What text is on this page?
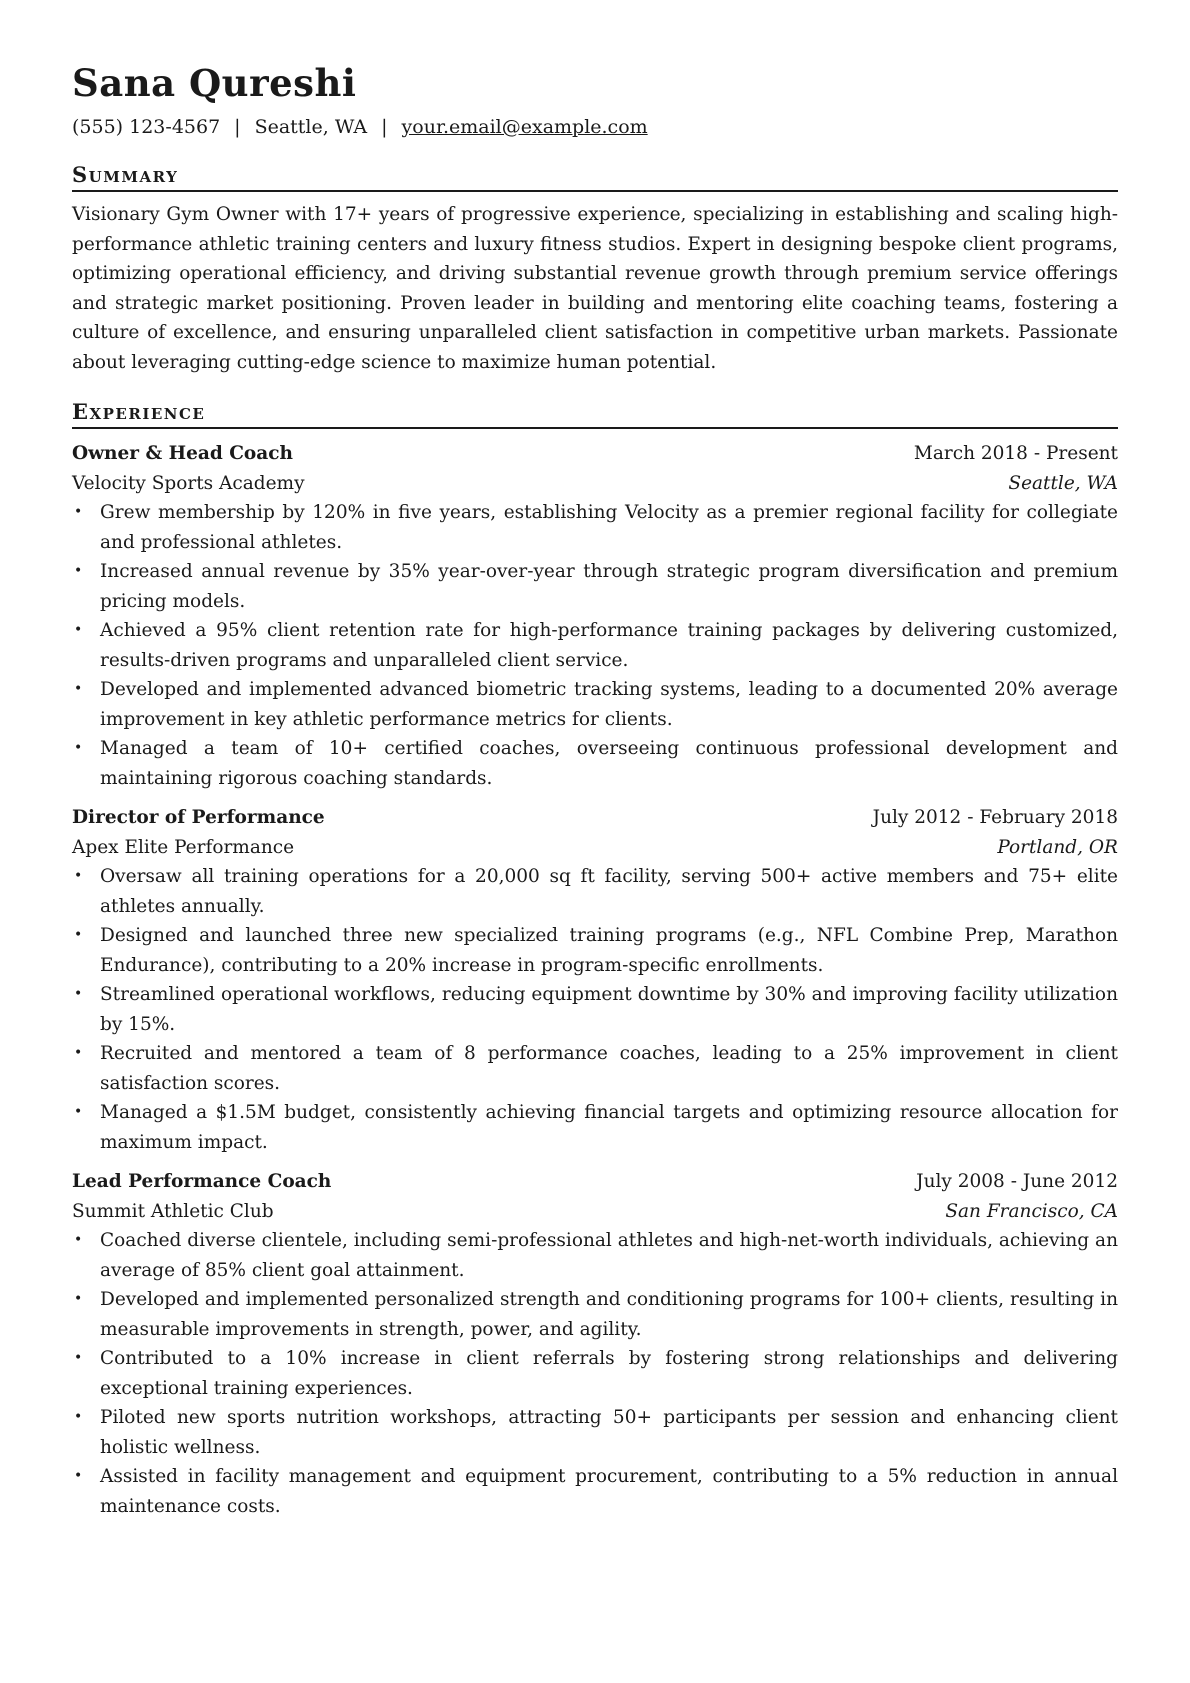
Sana Qureshi
(555) 123-4567 | Seattle, WA | your.email@example.com
Summary
Visionary Gym Owner with 17+ years of progressive experience, specializing in establishing and scaling high-performance athletic training centers and luxury fitness studios. Expert in designing bespoke client programs, optimizing operational efficiency, and driving substantial revenue growth through premium service offerings and strategic market positioning. Proven leader in building and mentoring elite coaching teams, fostering a culture of excellence, and ensuring unparalleled client satisfaction in competitive urban markets. Passionate about leveraging cutting-edge science to maximize human potential.
Experience
Owner & Head Coach	March 2018 - Present
Velocity Sports Academy	Seattle, WA
• Grew membership by 120% in five years, establishing Velocity as a premier regional facility for collegiate and professional athletes.
• Increased annual revenue by 35% year-over-year through strategic program diversification and premium pricing models.
• Achieved a 95% client retention rate for high-performance training packages by delivering customized, results-driven programs and unparalleled client service.
• Developed and implemented advanced biometric tracking systems, leading to a documented 20% average improvement in key athletic performance metrics for clients.
• Managed a team of 10+ certified coaches, overseeing continuous professional development and maintaining rigorous coaching standards.
Director of Performance	July 2012 - February 2018
Apex Elite Performance	Portland, OR
• Oversaw all training operations for a 20,000 sq ft facility, serving 500+ active members and 75+ elite athletes annually.
• Designed and launched three new specialized training programs (e.g., NFL Combine Prep, Marathon Endurance), contributing to a 20% increase in program-specific enrollments.
• Streamlined operational workflows, reducing equipment downtime by 30% and improving facility utilization by 15%.
• Recruited and mentored a team of 8 performance coaches, leading to a 25% improvement in client satisfaction scores.
• Managed a $1.5M budget, consistently achieving financial targets and optimizing resource allocation for maximum impact.
Lead Performance Coach	July 2008 - June 2012
Summit Athletic Club	San Francisco, CA
• Coached diverse clientele, including semi-professional athletes and high-net-worth individuals, achieving an average of 85% client goal attainment.
• Developed and implemented personalized strength and conditioning programs for 100+ clients, resulting in measurable improvements in strength, power, and agility.
• Contributed to a 10% increase in client referrals by fostering strong relationships and delivering exceptional training experiences.
• Piloted new sports nutrition workshops, attracting 50+ participants per session and enhancing client holistic wellness.
• Assisted in facility management and equipment procurement, contributing to a 5% reduction in annual maintenance costs.
